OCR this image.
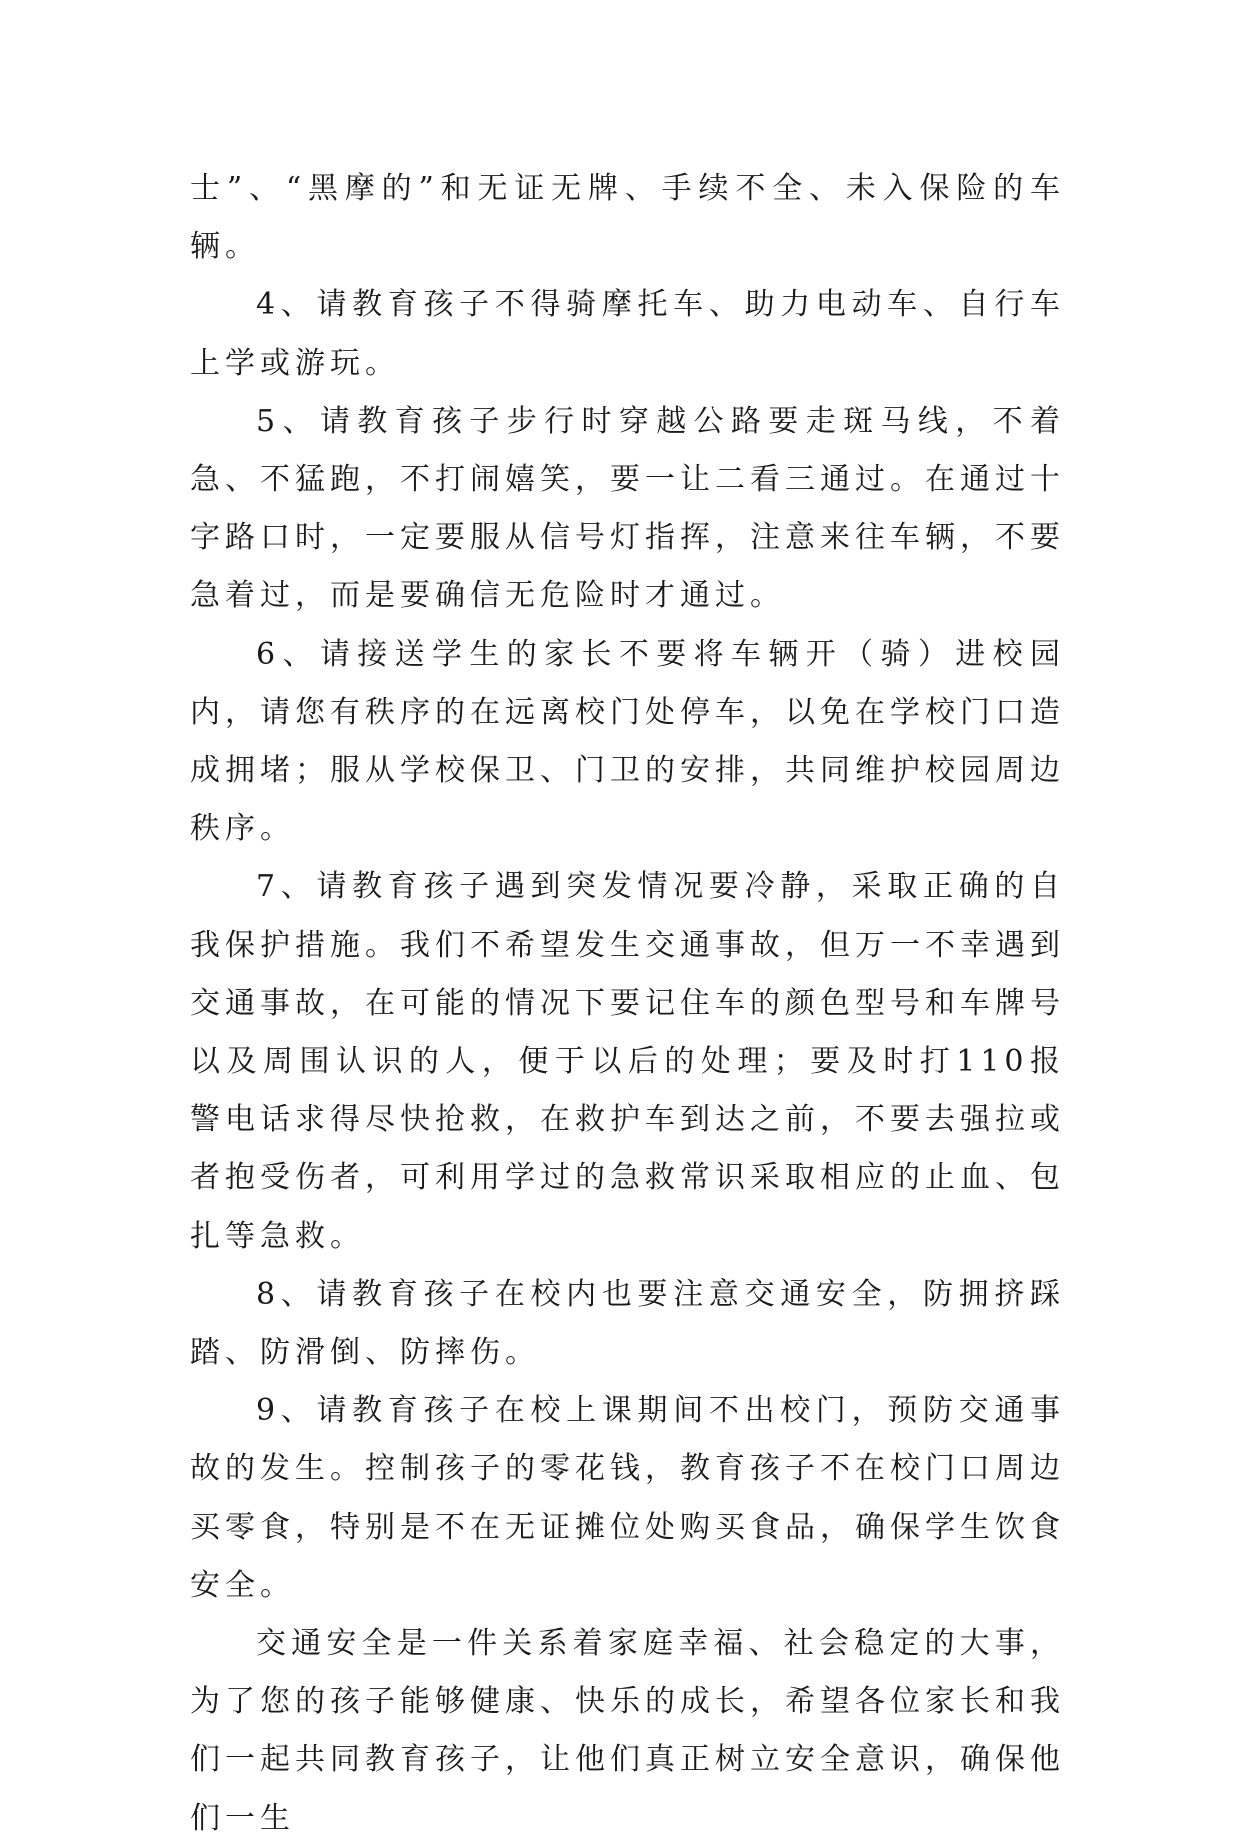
士”、“黑摩的”和无证无牌、手续不全、未入保险的车辆。

4、请教育孩子不得骑摩托车、助力电动车、自行车上学或游玩。

5、请教育孩子步行时穿越公路要走斑马线，不着急、不猛跑，不打闹嬉笑，要一让二看三通过。在通过十字路口时，一定要服从信号灯指挥，注意来往车辆，不要急着过，而是要确信无危险时才通过。

6、请接送学生的家长不要将车辆开（骑）进校园内，请您有秩序的在远离校门处停车，以免在学校门口造成拥堵；服从学校保卫、门卫的安排，共同维护校园周边秩序。

7、请教育孩子遇到突发情况要冷静，采取正确的自我保护措施。我们不希望发生交通事故，但万一不幸遇到交通事故，在可能的情况下要记住车的颜色型号和车牌号以及周围认识的人，便于以后的处理；要及时打110报警电话求得尽快抢救，在救护车到达之前，不要去强拉或者抱受伤者，可利用学过的急救常识采取相应的止血、包扎等急救。

8、请教育孩子在校内也要注意交通安全，防拥挤踩踏、防滑倒、防摔伤。

9、请教育孩子在校上课期间不出校门，预防交通事故的发生。控制孩子的零花钱，教育孩子不在校门口周边买零食，特别是不在无证摊位处购买食品，确保学生饮食安全。

交通安全是一件关系着家庭幸福、社会稳定的大事，为了您的孩子能够健康、快乐的成长，希望各位家长和我们一起共同教育孩子，让他们真正树立安全意识，确保他们一生
